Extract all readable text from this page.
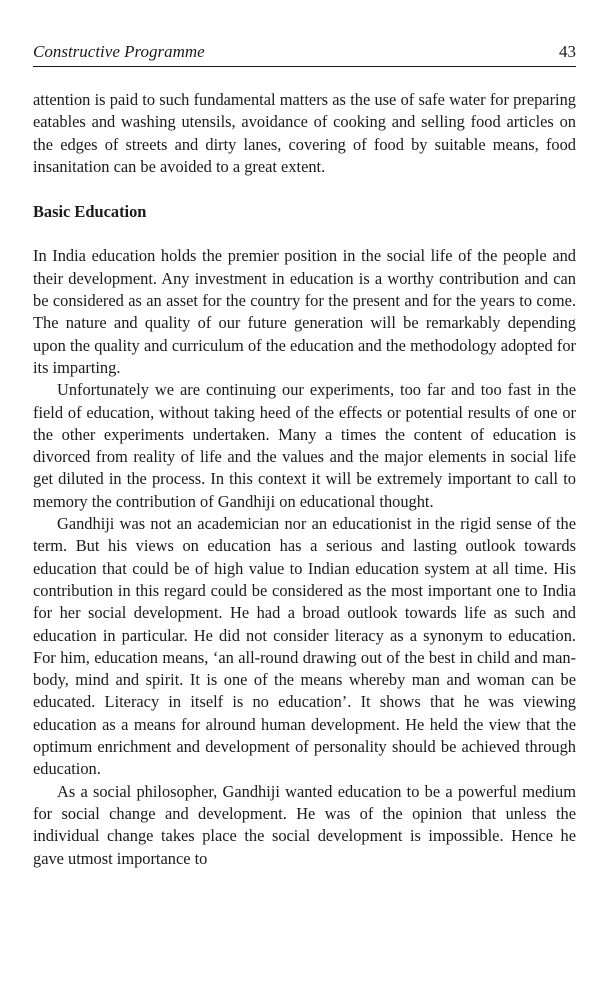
Constructive Programme	43

attention is paid to such fundamental matters as the use of safe water for preparing eatables and washing utensils, avoidance of cooking and selling food articles on the edges of streets and dirty lanes, covering of food by suitable means, food insanitation can be avoided to a great extent.

Basic Education

In India education holds the premier position in the social life of the people and their development. Any investment in education is a worthy contribution and can be considered as an asset for the country for the present and for the years to come. The nature and quality of our future generation will be remarkably depending upon the quality and curriculum of the education and the methodology adopted for its imparting.

Unfortunately we are continuing our experiments, too far and too fast in the field of education, without taking heed of the effects or potential results of one or the other experiments undertaken. Many a times the content of education is divorced from reality of life and the values and the major elements in social life get diluted in the process. In this context it will be extremely important to call to memory the contribution of Gandhiji on educational thought.

Gandhiji was not an academician nor an educationist in the rigid sense of the term. But his views on education has a serious and lasting outlook towards education that could be of high value to Indian education system at all time. His contribution in this regard could be considered as the most important one to India for her social development. He had a broad outlook towards life as such and education in particular. He did not consider literacy as a synonym to education. For him, education means, ‘an all-round drawing out of the best in child and man-body, mind and spirit. It is one of the means whereby man and woman can be educated. Literacy in itself is no education’. It shows that he was viewing education as a means for alround human development. He held the view that the optimum enrichment and development of personality should be achieved through education.

As a social philosopher, Gandhiji wanted education to be a powerful medium for social change and development. He was of the opinion that unless the individual change takes place the social development is impossible. Hence he gave utmost importance to
